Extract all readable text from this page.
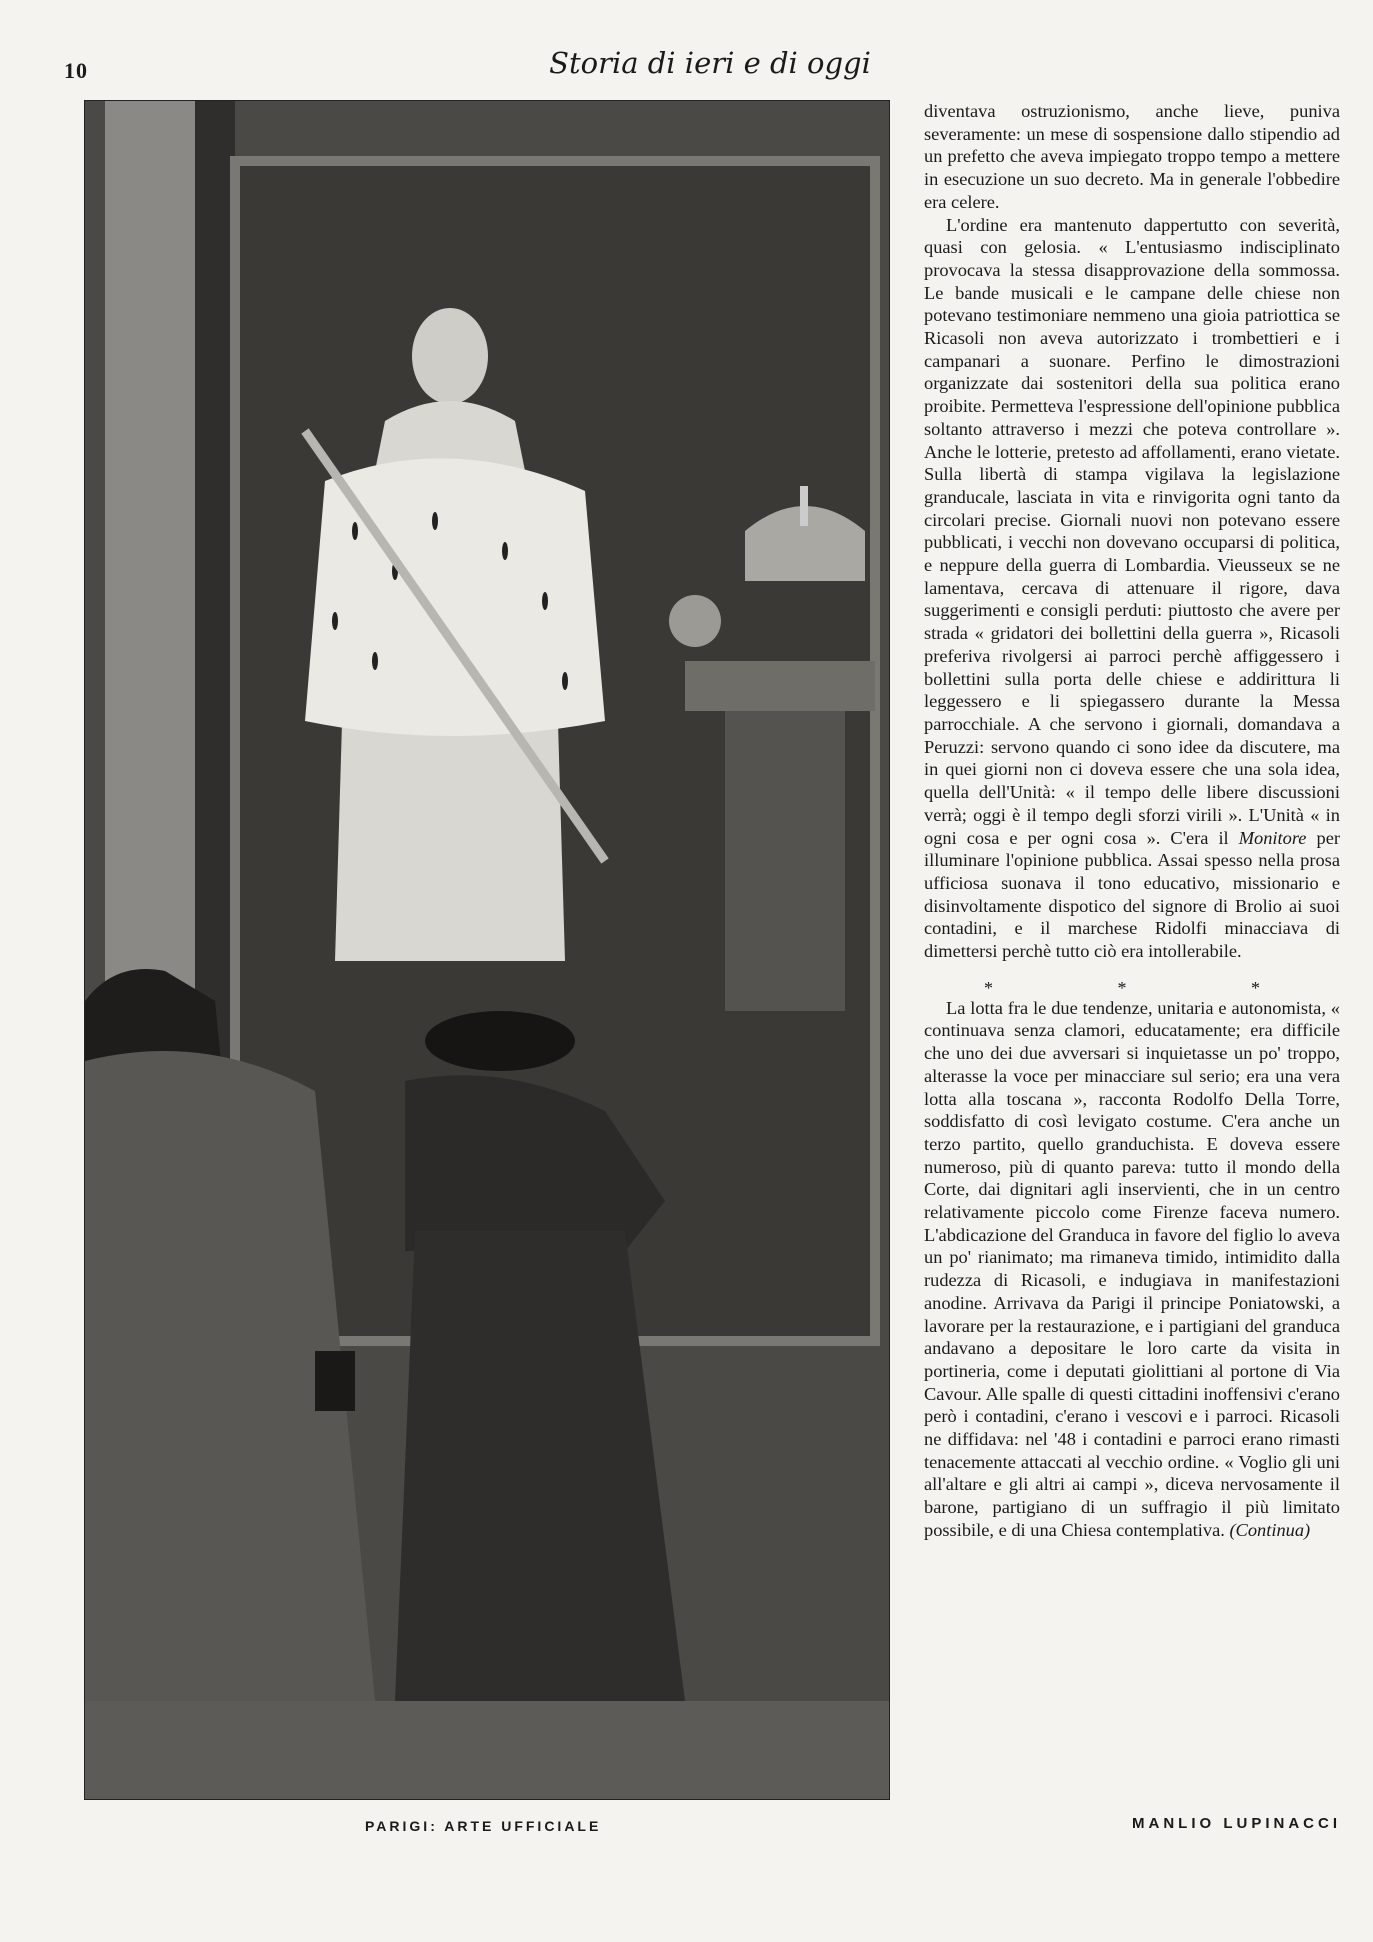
10	Storia di ieri e di oggi
PARIGI: ARTE UFFICIALE

diventava ostruzionismo, anche lieve, puniva severamente: un mese di sospensione dallo stipendio ad un prefetto che aveva impiegato troppo tempo a mettere in esecuzione un suo decreto. Ma in generale l'obbedire era celere.

L'ordine era mantenuto dappertutto con severità, quasi con gelosia. « L'entusiasmo indisciplinato provocava la stessa disapprovazione della sommossa. Le bande musicali e le campane delle chiese non potevano testimoniare nemmeno una gioia patriottica se Ricasoli non aveva autorizzato i trombettieri e i campanari a suonare. Perfino le dimostrazioni organizzate dai sostenitori della sua politica erano proibite. Permetteva l'espressione dell'opinione pubblica soltanto attraverso i mezzi che poteva controllare ». Anche le lotterie, pretesto ad affollamenti, erano vietate. Sulla libertà di stampa vigilava la legislazione granducale, lasciata in vita e rinvigorita ogni tanto da circolari precise. Giornali nuovi non potevano essere pubblicati, i vecchi non dovevano occuparsi di politica, e neppure della guerra di Lombardia. Vieusseux se ne lamentava, cercava di attenuare il rigore, dava suggerimenti e consigli perduti: piuttosto che avere per strada « gridatori dei bollettini della guerra », Ricasoli preferiva rivolgersi ai parroci perchè affiggessero i bollettini sulla porta delle chiese e addirittura li leggessero e li spiegassero durante la Messa parrocchiale. A che servono i giornali, domandava a Peruzzi: servono quando ci sono idee da discutere, ma in quei giorni non ci doveva essere che una sola idea, quella dell'Unità: « il tempo delle libere discussioni verrà; oggi è il tempo degli sforzi virili ». L'Unità « in ogni cosa e per ogni cosa ». C'era il Monitore per illuminare l'opinione pubblica. Assai spesso nella prosa ufficiosa suonava il tono educativo, missionario e disinvoltamente dispotico del signore di Brolio ai suoi contadini, e il marchese Ridolfi minacciava di dimettersi perchè tutto ciò era intollerabile.

* * *

La lotta fra le due tendenze, unitaria e autonomista, « continuava senza clamori, educatamente; era difficile che uno dei due avversari si inquietasse un po' troppo, alterasse la voce per minacciare sul serio; era una vera lotta alla toscana », racconta Rodolfo Della Torre, soddisfatto di così levigato costume. C'era anche un terzo partito, quello granduchista. E doveva essere numeroso, più di quanto pareva: tutto il mondo della Corte, dai dignitari agli inservienti, che in un centro relativamente piccolo come Firenze faceva numero. L'abdicazione del Granduca in favore del figlio lo aveva un po' rianimato; ma rimaneva timido, intimidito dalla rudezza di Ricasoli, e indugiava in manifestazioni anodine. Arrivava da Parigi il principe Poniatowski, a lavorare per la restaurazione, e i partigiani del granduca andavano a depositare le loro carte da visita in portineria, come i deputati giolittiani al portone di Via Cavour. Alle spalle di questi cittadini inoffensivi c'erano però i contadini, c'erano i vescovi e i parroci. Ricasoli ne diffidava: nel '48 i contadini e parroci erano rimasti tenacemente attaccati al vecchio ordine. « Voglio gli uni all'altare e gli altri ai campi », diceva nervosamente il barone, partigiano di un suffragio il più limitato possibile, e di una Chiesa contemplativa. (Continua)

MANLIO LUPINACCI
